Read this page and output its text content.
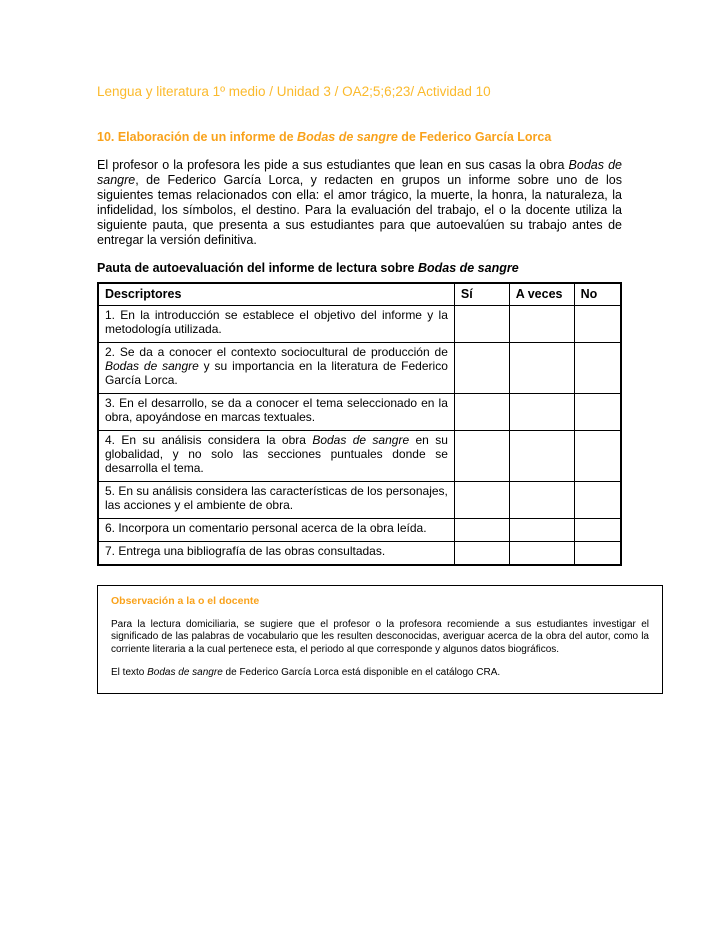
Lengua y literatura 1º medio / Unidad 3 / OA2;5;6;23/ Actividad 10
10. Elaboración de un informe de Bodas de sangre de Federico García Lorca

El profesor o la profesora les pide a sus estudiantes que lean en sus casas la obra Bodas de sangre, de Federico García Lorca, y redacten en grupos un informe sobre uno de los siguientes temas relacionados con ella: el amor trágico, la muerte, la honra, la naturaleza, la infidelidad, los símbolos, el destino. Para la evaluación del trabajo, el o la docente utiliza la siguiente pauta, que presenta a sus estudiantes para que autoevalúen su trabajo antes de entregar la versión definitiva.

Pauta de autoevaluación del informe de lectura sobre Bodas de sangre
Descriptores	Sí	A veces	No
1. En la introducción se establece el objetivo del informe y la metodología utilizada.			
2. Se da a conocer el contexto sociocultural de producción de Bodas de sangre y su importancia en la literatura de Federico García Lorca.			
3. En el desarrollo, se da a conocer el tema seleccionado en la obra, apoyándose en marcas textuales.			
4. En su análisis considera la obra Bodas de sangre en su globalidad, y no solo las secciones puntuales donde se desarrolla el tema.			
5. En su análisis considera las características de los personajes, las acciones y el ambiente de obra.			
6. Incorpora un comentario personal acerca de la obra leída.			
7. Entrega una bibliografía de las obras consultadas.			
Observación a la o el docente

Para la lectura domiciliaria, se sugiere que el profesor o la profesora recomiende a sus estudiantes investigar el significado de las palabras de vocabulario que les resulten desconocidas, averiguar acerca de la obra del autor, como la corriente literaria a la cual pertenece esta, el periodo al que corresponde y algunos datos biográficos.

El texto Bodas de sangre de Federico García Lorca está disponible en el catálogo CRA.
